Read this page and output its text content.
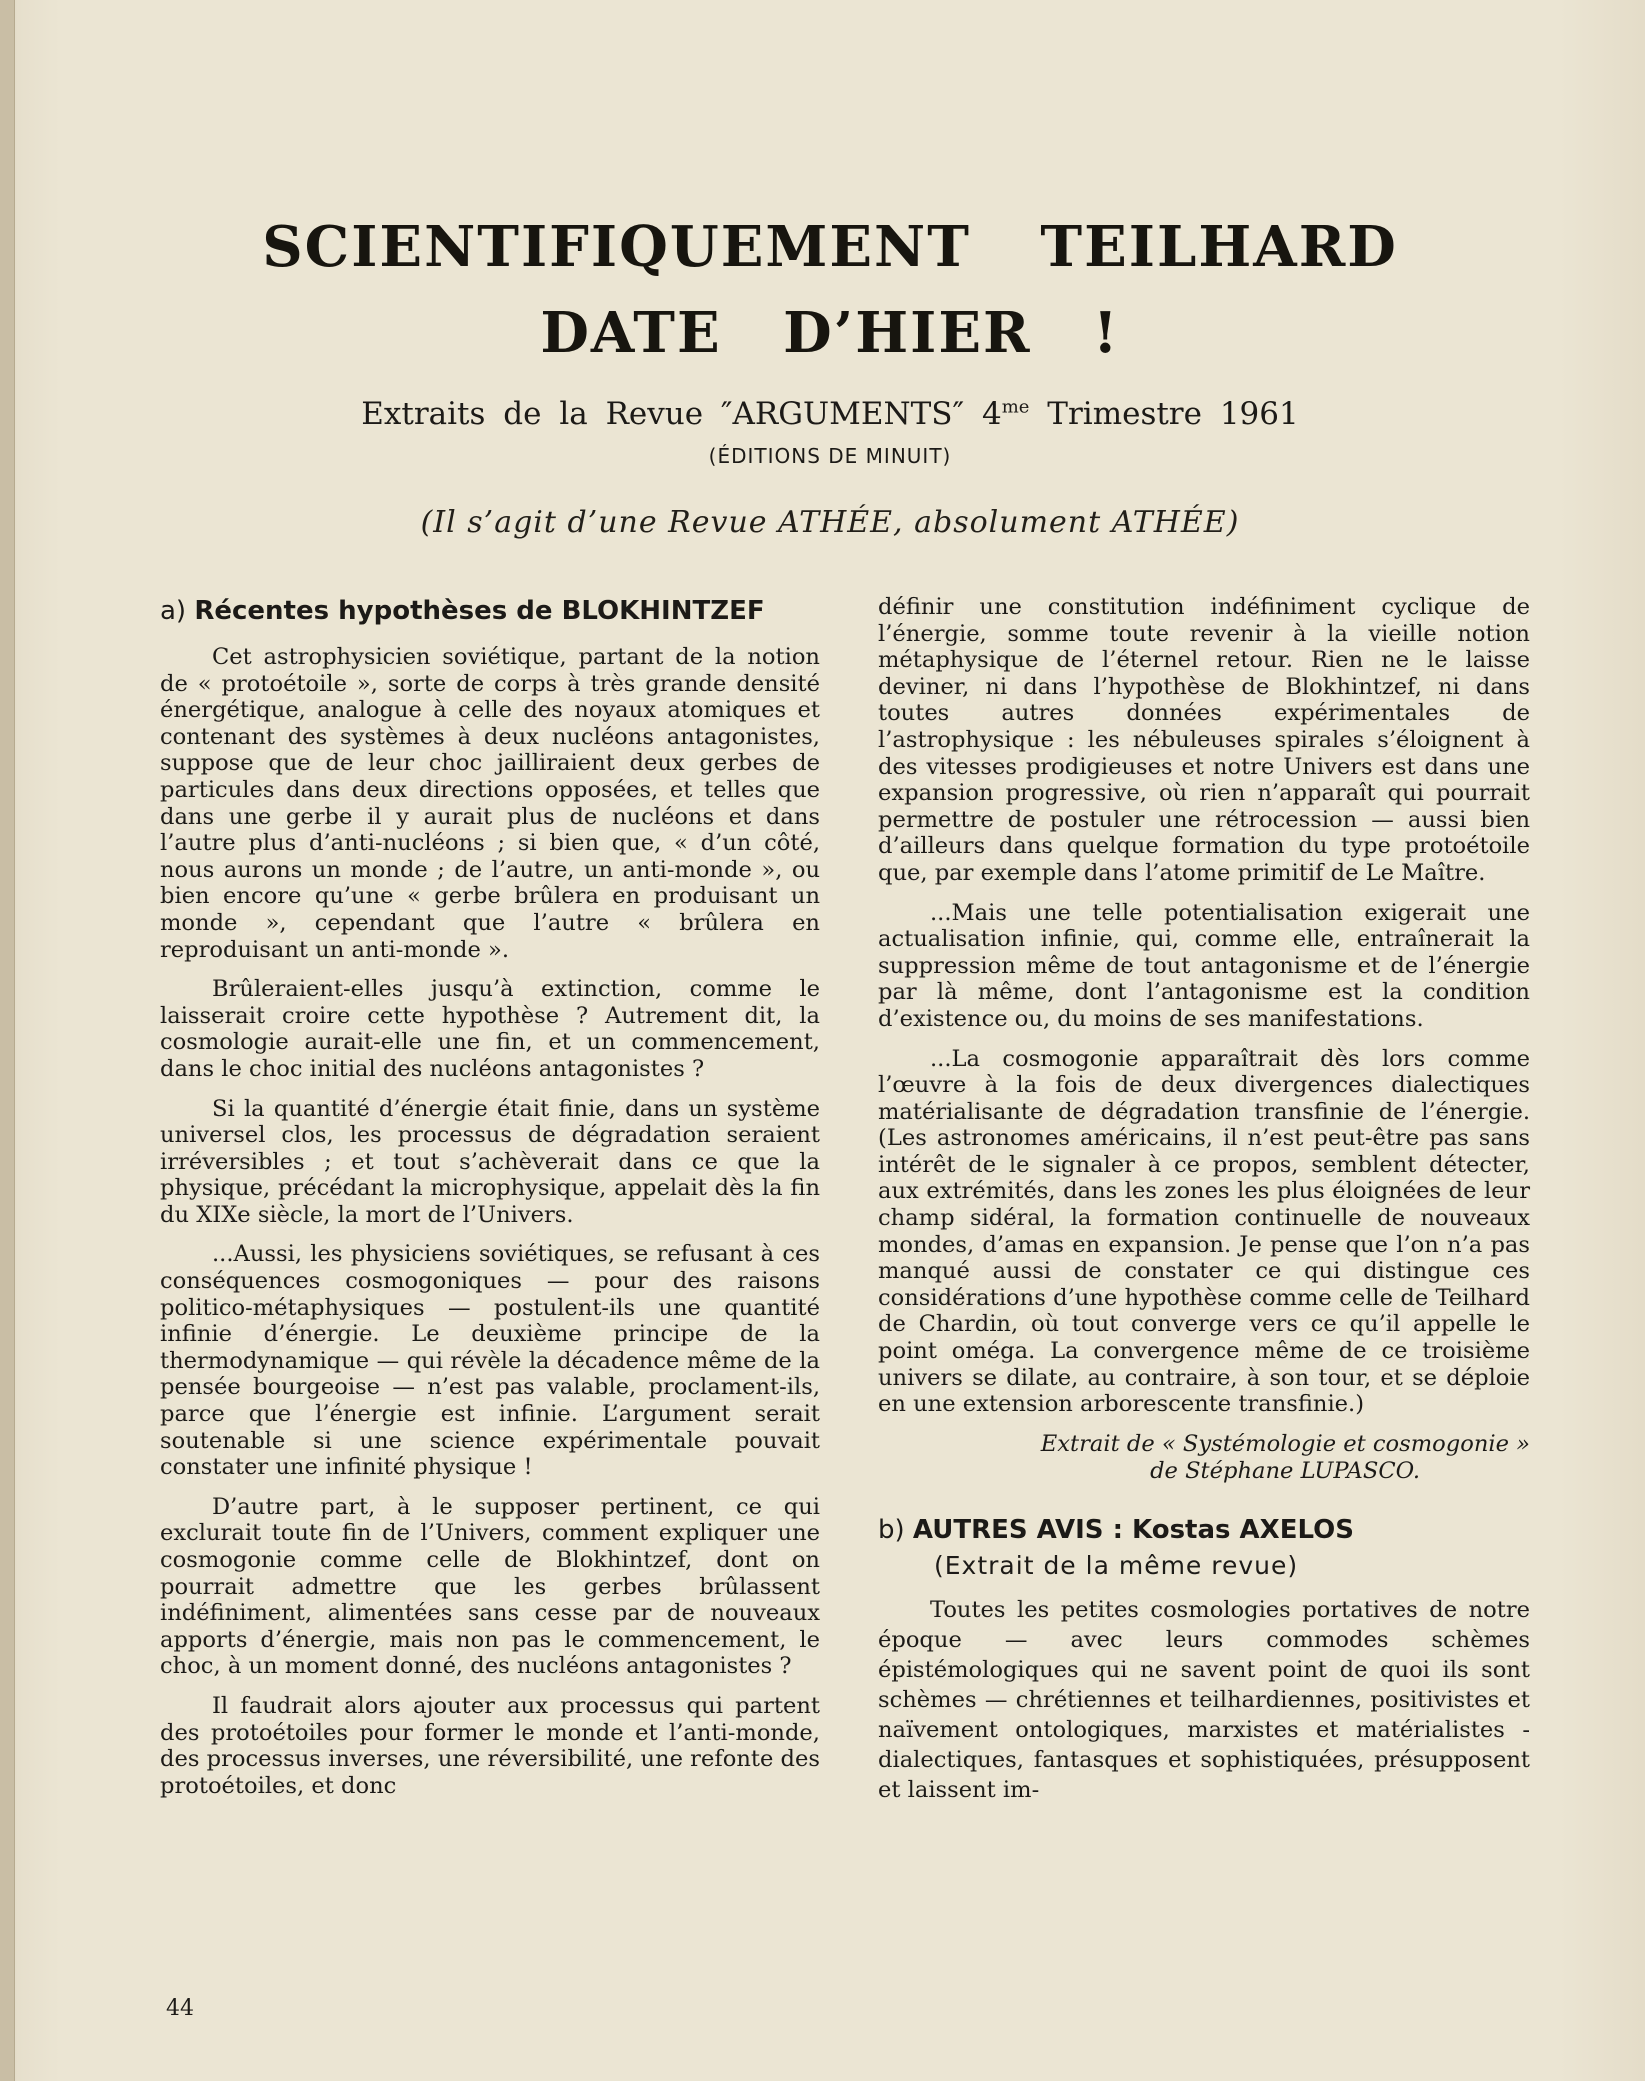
SCIENTIFIQUEMENT TEILHARD
DATE D’HIER !
Extraits de la Revue ″ARGUMENTS″ $4^{me}$ Trimestre 1961
(ÉDITIONS DE MINUIT)
(Il s’agit d’une Revue ATHÉE, absolument ATHÉE)
a) Récentes hypothèses de BLOKHINTZEF

Cet astrophysicien soviétique, partant de la notion de « protoétoile », sorte de corps à très grande densité énergétique, analogue à celle des noyaux atomiques et contenant des systèmes à deux nucléons antagonistes, suppose que de leur choc jailliraient deux gerbes de particules dans deux directions opposées, et telles que dans une gerbe il y aurait plus de nucléons et dans l’autre plus d’anti-nucléons ; si bien que, « d’un côté, nous aurons un monde ; de l’autre, un anti-monde », ou bien encore qu’une « gerbe brûlera en produisant un monde », cependant que l’autre « brûlera en reproduisant un anti-monde ».

Brûleraient-elles jusqu’à extinction, comme le laisserait croire cette hypothèse ? Autrement dit, la cosmologie aurait-elle une fin, et un commencement, dans le choc initial des nucléons antagonistes ?

Si la quantité d’énergie était finie, dans un système universel clos, les processus de dégradation seraient irréversibles ; et tout s’achèverait dans ce que la physique, précédant la microphysique, appelait dès la fin du XIXe siècle, la mort de l’Univers.

...Aussi, les physiciens soviétiques, se refusant à ces conséquences cosmogoniques — pour des raisons politico-métaphysiques — postulent-ils une quantité infinie d’énergie. Le deuxième principe de la thermodynamique — qui révèle la décadence même de la pensée bourgeoise — n’est pas valable, proclament-ils, parce que l’énergie est infinie. L’argument serait soutenable si une science expérimentale pouvait constater une infinité physique !

D’autre part, à le supposer pertinent, ce qui exclurait toute fin de l’Univers, comment expliquer une cosmogonie comme celle de Blokhintzef, dont on pourrait admettre que les gerbes brûlassent indéfiniment, alimentées sans cesse par de nouveaux apports d’énergie, mais non pas le commencement, le choc, à un moment donné, des nucléons antagonistes ?

Il faudrait alors ajouter aux processus qui partent des protoétoiles pour former le monde et l’anti-monde, des processus inverses, une réversibilité, une refonte des protoétoiles, et donc

définir une constitution indéfiniment cyclique de l’énergie, somme toute revenir à la vieille notion métaphysique de l’éternel retour. Rien ne le laisse deviner, ni dans l’hypothèse de Blokhintzef, ni dans toutes autres données expérimentales de l’astrophysique : les nébuleuses spirales s’éloignent à des vitesses prodigieuses et notre Univers est dans une expansion progressive, où rien n’apparaît qui pourrait permettre de postuler une rétrocession — aussi bien d’ailleurs dans quelque formation du type protoétoile que, par exemple dans l’atome primitif de Le Maître.

...Mais une telle potentialisation exigerait une actualisation infinie, qui, comme elle, entraînerait la suppression même de tout antagonisme et de l’énergie par là même, dont l’antagonisme est la condition d’existence ou, du moins de ses manifestations.

...La cosmogonie apparaîtrait dès lors comme l’œuvre à la fois de deux divergences dialectiques matérialisante de dégradation transfinie de l’énergie. (Les astronomes américains, il n’est peut-être pas sans intérêt de le signaler à ce propos, semblent détecter, aux extrémités, dans les zones les plus éloignées de leur champ sidéral, la formation continuelle de nouveaux mondes, d’amas en expansion. Je pense que l’on n’a pas manqué aussi de constater ce qui distingue ces considérations d’une hypothèse comme celle de Teilhard de Chardin, où tout converge vers ce qu’il appelle le point oméga. La convergence même de ce troisième univers se dilate, au contraire, à son tour, et se déploie en une extension arborescente transfinie.)

Extrait de « Systémologie et cosmogonie »
de Stéphane LUPASCO.
b) AUTRES AVIS : Kostas AXELOS
(Extrait de la même revue)

Toutes les petites cosmologies portatives de notre époque — avec leurs commodes schèmes épistémologiques qui ne savent point de quoi ils sont schèmes — chrétiennes et teilhardiennes, positivistes et naïvement ontologiques, marxistes et matérialistes - dialectiques, fantasques et sophistiquées, présupposent et laissent im-

44
